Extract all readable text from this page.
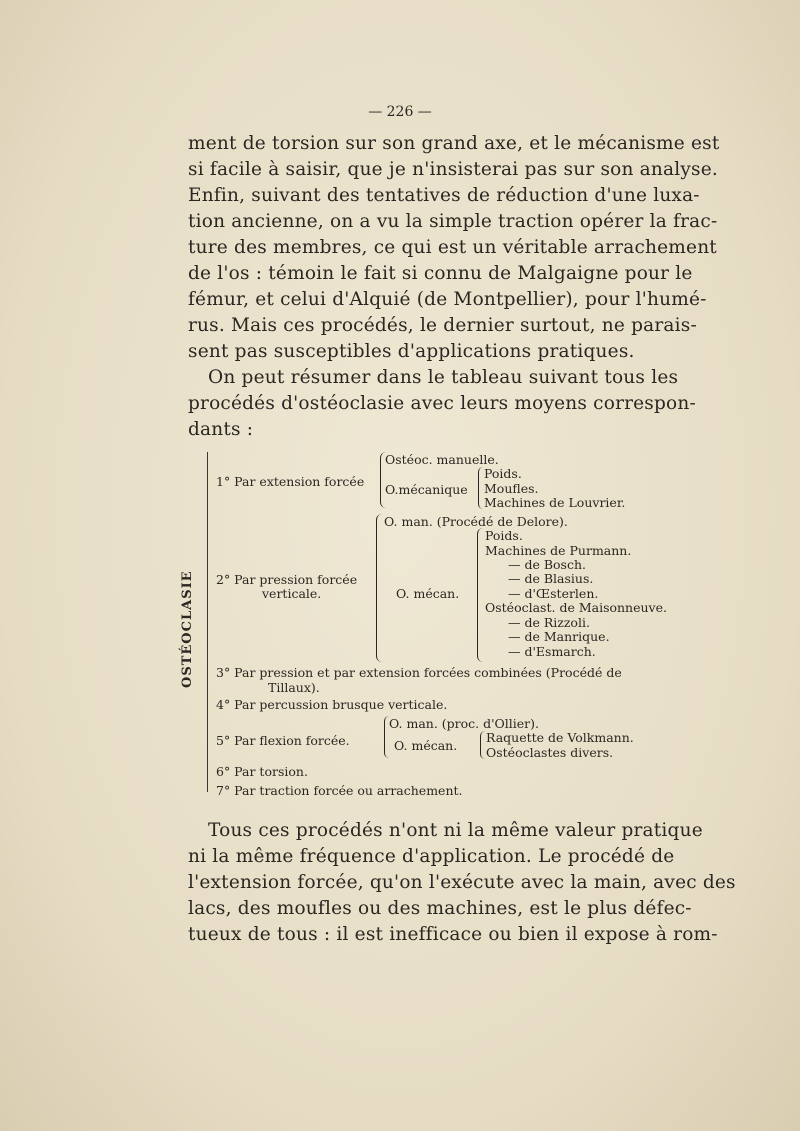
— 226 —
ment de torsion sur son grand axe, et le mécanisme est
si facile à saisir, que je n'insisterai pas sur son analyse.
Enfin, suivant des tentatives de réduction d'une luxa-
tion ancienne, on a vu la simple traction opérer la frac-
ture des membres, ce qui est un véritable arrachement
de l'os : témoin le fait si connu de Malgaigne pour le
fémur, et celui d'Alquié (de Montpellier), pour l'humé-
rus. Mais ces procédés, le dernier surtout, ne parais-
sent pas susceptibles d'applications pratiques.
On peut résumer dans le tableau suivant tous les
procédés d'ostéoclasie avec leurs moyens correspon-
dants :
OSTÉOCLASIE
1° Par extension forcée
Ostéoc. manuelle.
O.mécanique
Poids.
Moufles.
Machines de Louvrier.
2° Par pression forcée
verticale.
O. man. (Procédé de Delore).
O. mécan.
Poids.
Machines de Purmann.
— de Bosch.
— de Blasius.
— d'Œsterlen.
Ostéoclast. de Maisonneuve.
— de Rizzoli.
— de Manrique.
— d'Esmarch.
3° Par pression et par extension forcées combinées (Procédé de
Tillaux).
4° Par percussion brusque verticale.
5° Par flexion forcée.
O. man. (proc. d'Ollier).
O. mécan.
Raquette de Volkmann.
Ostéoclastes divers.
6° Par torsion.
7° Par traction forcée ou arrachement.
Tous ces procédés n'ont ni la même valeur pratique
ni la même fréquence d'application. Le procédé de
l'extension forcée, qu'on l'exécute avec la main, avec des
lacs, des moufles ou des machines, est le plus défec-
tueux de tous : il est inefficace ou bien il expose à rom-
